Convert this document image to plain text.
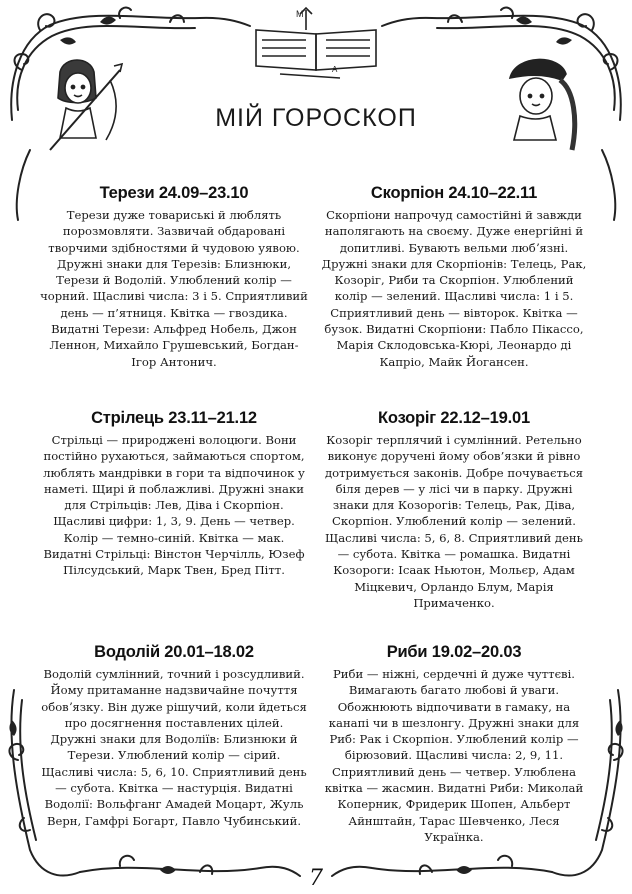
M
A
МІЙ ГОРОСКОП
Терези 24.09–23.10

Терези дуже товариські й люблять порозмовляти. Зазвичай обдаровані творчими здібностями й чудовою уявою. Дружні знаки для Терезів: Близнюки, Терези й Водолій. Улюблений колір — чорний. Щасливі числа: 3 і 5. Сприятливий день — п’ятниця. Квітка — гвоздика. Видатні Терези: Альфред Нобель, Джон Леннон, Михайло Грушевський, Богдан-Ігор Антонич.

Скорпіон 24.10–22.11

Скорпіони напрочуд самостійні й завжди наполягають на своєму. Дуже енергійні й допитливі. Бувають вельми любʼязні. Дружні знаки для Скорпіонів: Телець, Рак, Козоріг, Риби та Скорпіон. Улюблений колір — зелений. Щасливі числа: 1 і 5. Сприятливий день — вівторок. Квітка — бузок. Видатні Скорпіони: Пабло Пікассо, Марія Склодовська-Кюрі, Леонардо ді Капріо, Майк Йогансен.

Стрілець 23.11–21.12

Стрільці — природжені волоцюги. Вони постійно рухаються, займаються спортом, люблять мандрівки в гори та відпочинок у наметі. Щирі й поблажливі. Дружні знаки для Стрільців: Лев, Діва і Скорпіон. Щасливі цифри: 1, 3, 9. День — четвер. Колір — темно-синій. Квітка — мак. Видатні Стрільці: Вінстон Черчілль, Юзеф Пілсудський, Марк Твен, Бред Пітт.

Козоріг 22.12–19.01

Козоріг терплячий і сумлінний. Ретельно виконує доручені йому обов’язки й рівно дотримується законів. Добре почувається біля дерев — у лісі чи в парку. Дружні знаки для Козорогів: Телець, Рак, Діва, Скорпіон. Улюблений колір — зелений. Щасливі числа: 5, 6, 8. Сприятливий день — субота. Квітка — ромашка. Видатні Козороги: Ісаак Ньютон, Мольєр, Адам Міцкевич, Орландо Блум, Марія Примаченко.

Водолій 20.01–18.02

Водолій сумлінний, точний і розсудливий. Йому притаманне надзвичайне почуття обовʼязку. Він дуже рішучий, коли йдеться про досягнення поставлених цілей. Дружні знаки для Водоліїв: Близнюки й Терези. Улюблений колір — сірий. Щасливі числа: 5, 6, 10. Сприятливий день — субота. Квітка — настурція. Видатні Водолії: Вольфганг Амадей Моцарт, Жуль Верн, Гамфрі Богарт, Павло Чубинський.

Риби 19.02–20.03

Риби — ніжні, сердечні й дуже чуттєві. Вимагають багато любові й уваги. Обожнюють відпочивати в гамаку, на канапі чи в шезлонгу. Дружні знаки для Риб: Рак і Скорпіон. Улюблений колір — бірюзовий. Щасливі числа: 2, 9, 11. Сприятливий день — четвер. Улюблена квітка — жасмин. Видатні Риби: Миколай Коперник, Фридерик Шопен, Альберт Айнштайн, Тарас Шевченко, Леся Українка.

7
